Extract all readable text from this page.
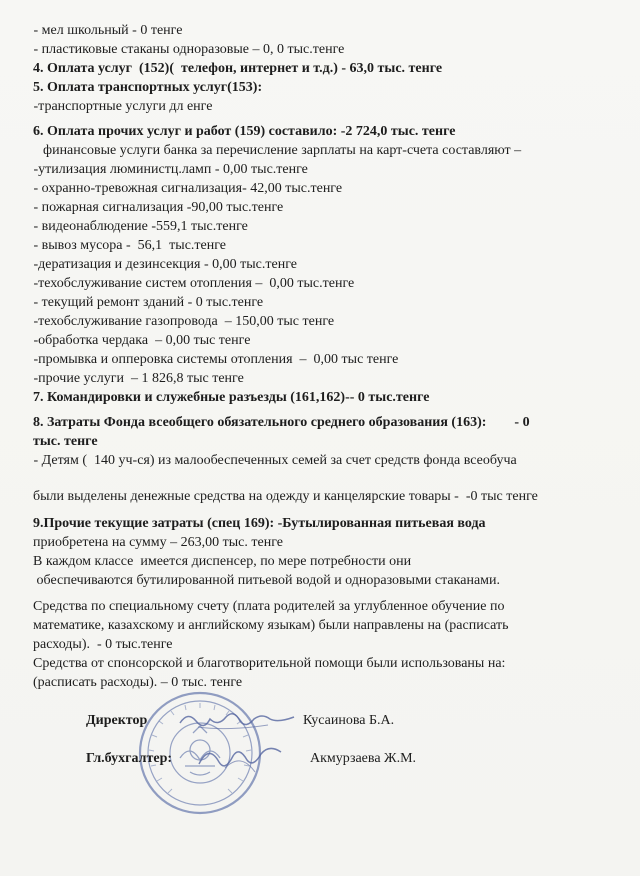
- мел школьный - 0 тенге
- пластиковые стаканы одноразовые – 0, 0 тыс.тенге
4. Оплата услуг  (152)(  телефон, интернет и т.д.) - 63,0 тыс. тенге
5. Оплата транспортных услуг(153):
-транспортные услуги дл енге
6. Оплата прочих услуг и работ (159) составило: -2 724,0 тыс. тенге
финансовые услуги банка за перечисление зарплаты на карт-счета составляют –
-утилизация люминистц.ламп - 0,00 тыс.тенге
- охранно-тревожная сигнализация- 42,00 тыс.тенге
- пожарная сигнализация -90,00 тыс.тенге
- видеонаблюдение -559,1 тыс.тенге
- вывоз мусора -  56,1  тыс.тенге
-дератизация и дезинсекция - 0,00 тыс.тенге
-техобслуживание систем отопления –  0,00 тыс.тенге
- текущий ремонт зданий - 0 тыс.тенге
-техобслуживание газопровода  – 150,00 тыс тенге
-обработка чердака  – 0,00 тыс тенге
-промывка и опперовка системы отопления  –  0,00 тыс тенге
-прочие услуги  – 1 826,8 тыс тенге
7. Командировки и служебные разъезды (161,162)-- 0 тыс.тенге
8. Затраты Фонда всеобщего обязательного среднего образования (163):        - 0
тыс. тенге
- Детям (  140 уч-ся) из малообеспеченных семей за счет средств фонда всеобуча
были выделены денежные средства на одежду и канцелярские товары -  -0 тыс тенге
9.Прочие текущие затраты (спец 169): -Бутылированная питьевая вода
приобретена на сумму – 263,00 тыс. тенге
В каждом классе  имеется диспенсер, по мере потребности они
обеспечиваются бутилированной питьевой водой и одноразовыми стаканами.
Средства по специальному счету (плата родителей за углубленное обучение по
математике, казахскому и английскому языкам) были направлены на (расписать
расходы).  - 0 тыс.тенге
Средства от спонсорской и благотворительной помощи были использованы на:
(расписать расходы). – 0 тыс. тенге
Директор	Кусаинова Б.А.
Гл.бухгалтер:	Акмурзаева Ж.М.
